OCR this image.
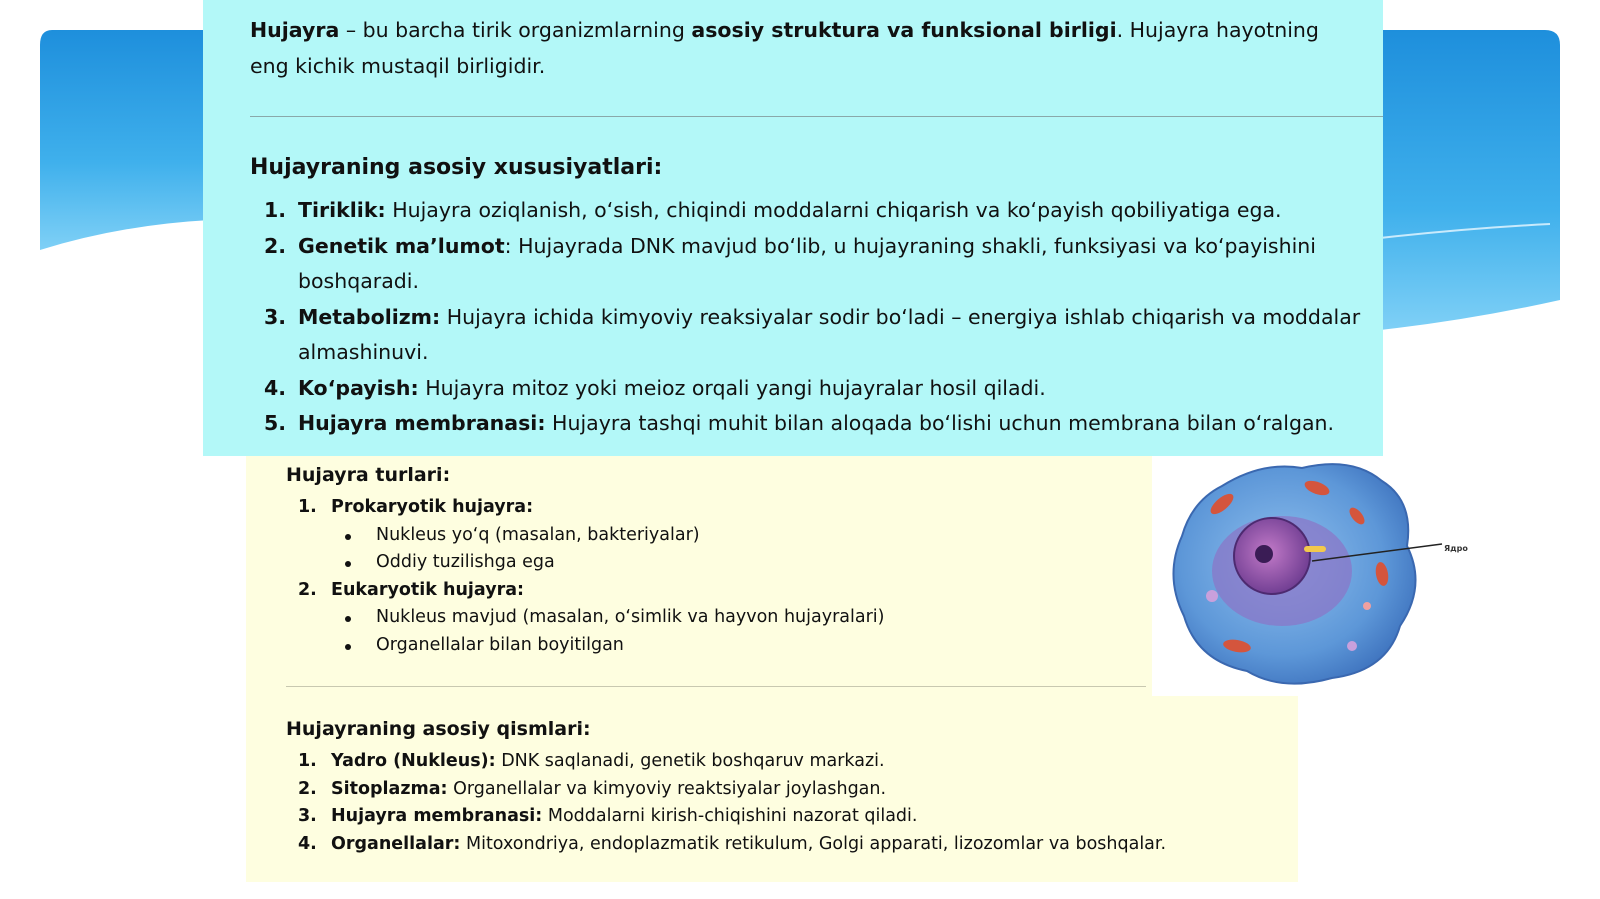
Hujayra – bu barcha tirik organizmlarning asosiy struktura va funksional birligi. Hujayra hayotning eng kichik mustaqil birligidir.

Hujayraning asosiy xususiyatlari:
1. Tiriklik: Hujayra oziqlanish, o‘sish, chiqindi moddalarni chiqarish va ko‘payish qobiliyatiga ega.
2. Genetik ma’lumot: Hujayrada DNK mavjud bo‘lib, u hujayraning shakli, funksiyasi va ko‘payishini boshqaradi.
3. Metabolizm: Hujayra ichida kimyoviy reaksiyalar sodir bo‘ladi – energiya ishlab chiqarish va moddalar almashinuvi.
4. Ko‘payish: Hujayra mitoz yoki meioz orqali yangi hujayralar hosil qiladi.
5. Hujayra membranasi: Hujayra tashqi muhit bilan aloqada bo‘lishi uchun membrana bilan o‘ralgan.
Hujayra turlari:
1. Prokaryotik hujayra:
Nukleus yo‘q (masalan, bakteriyalar)
Oddiy tuzilishga ega
2. Eukaryotik hujayra:
Nukleus mavjud (masalan, o‘simlik va hayvon hujayralari)
Organellalar bilan boyitilgan
Hujayraning asosiy qismlari:
1. Yadro (Nukleus): DNK saqlanadi, genetik boshqaruv markazi.
2. Sitoplazma: Organellalar va kimyoviy reaktsiyalar joylashgan.
3. Hujayra membranasi: Moddalarni kirish-chiqishini nazorat qiladi.
4. Organellalar: Mitoxondriya, endoplazmatik retikulum, Golgi apparati, lizozomlar va boshqalar.
Ядро
